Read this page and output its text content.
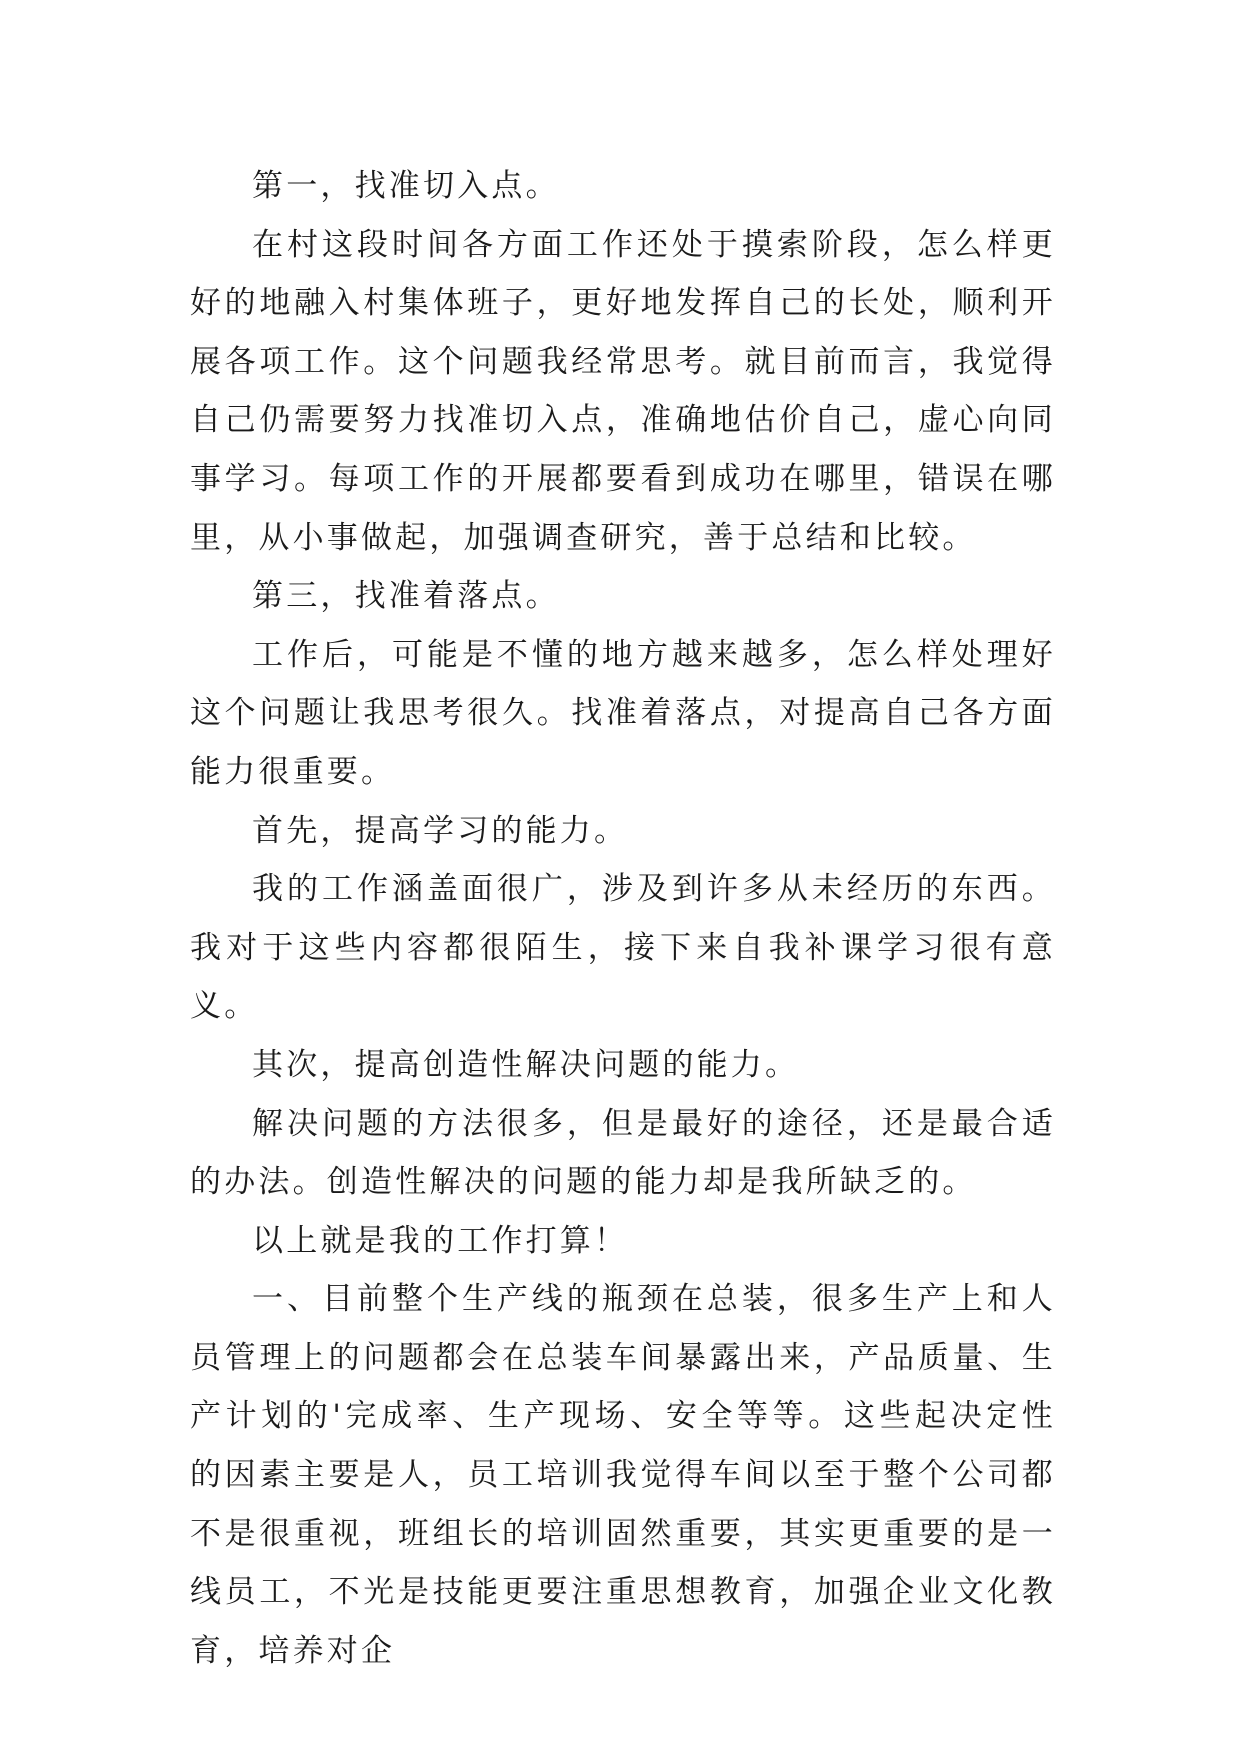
第一，找准切入点。

在村这段时间各方面工作还处于摸索阶段，怎么样更好的地融入村集体班子，更好地发挥自己的长处，顺利开展各项工作。这个问题我经常思考。就目前而言，我觉得自己仍需要努力找准切入点，准确地估价自己，虚心向同事学习。每项工作的开展都要看到成功在哪里，错误在哪里，从小事做起，加强调查研究，善于总结和比较。

第三，找准着落点。

工作后，可能是不懂的地方越来越多，怎么样处理好这个问题让我思考很久。找准着落点，对提高自己各方面能力很重要。

首先，提高学习的能力。

我的工作涵盖面很广，涉及到许多从未经历的东西。我对于这些内容都很陌生，接下来自我补课学习很有意义。

其次，提高创造性解决问题的能力。

解决问题的方法很多，但是最好的途径，还是最合适的办法。创造性解决的问题的能力却是我所缺乏的。

以上就是我的工作打算！

一、目前整个生产线的瓶颈在总装，很多生产上和人员管理上的问题都会在总装车间暴露出来，产品质量、生产计划的'完成率、生产现场、安全等等。这些起决定性的因素主要是人，员工培训我觉得车间以至于整个公司都不是很重视，班组长的培训固然重要，其实更重要的是一线员工，不光是技能更要注重思想教育，加强企业文化教育，培养对企
